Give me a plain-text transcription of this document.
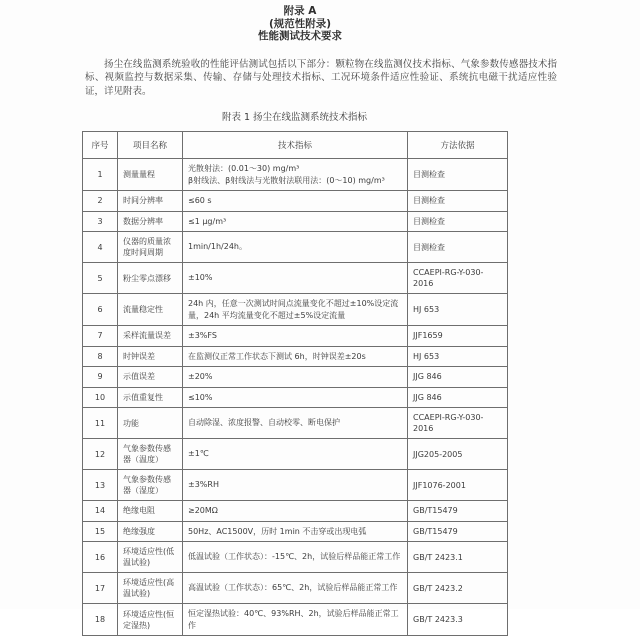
附录 A
(规范性附录)
性能测试技术要求

扬尘在线监测系统验收的性能评估测试包括以下部分：颗粒物在线监测仪技术指标、气象参数传感器技术指标、视频监控与数据采集、传输、存储与处理技术指标、工况环境条件适应性验证、系统抗电磁干扰适应性验证，详见附表。

附表 1 扬尘在线监测系统技术指标
序号	项目名称	技术指标	方法依据
1	测量量程	光散射法：(0.01～30) mg/m³
β射线法、β射线法与光散射法联用法：(0～10) mg/m³	目测检查
2	时间分辨率	≤60 s	目测检查
3	数据分辨率	≤1 μg/m³	目测检查
4	仪器的质量浓度时间周期	1min/1h/24h。	目测检查
5	粉尘零点漂移	±10%	CCAEPI-RG-Y-030-2016
6	流量稳定性	24h 内，任意一次测试时间点流量变化不超过±10%设定流量，24h 平均流量变化不超过±5%设定流量	HJ 653
7	采样流量误差	±3%FS	JJF1659
8	时钟误差	在监测仪正常工作状态下测试 6h，时钟误差±20s	HJ 653
9	示值误差	±20%	JJG 846
10	示值重复性	≤10%	JJG 846
11	功能	自动除湿、浓度报警、自动校零、断电保护	CCAEPI-RG-Y-030-2016
12	气象参数传感器（温度）	±1℃	JJG205-2005
13	气象参数传感器（湿度）	±3%RH	JJF1076-2001
14	绝缘电阻	≥20MΩ	GB/T15479
15	绝缘强度	50Hz、AC1500V，历时 1min 不击穿或出现电弧	GB/T15479
16	环境适应性(低温试验)	低温试验（工作状态）：-15℃、2h，试验后样品能正常工作	GB/T 2423.1
17	环境适应性(高温试验)	高温试验（工作状态）：65℃、2h，试验后样品能正常工作	GB/T 2423.2
18	环境适应性(恒定湿热)	恒定湿热试验：40℃、93%RH、2h，试验后样品能正常工作	GB/T 2423.3
